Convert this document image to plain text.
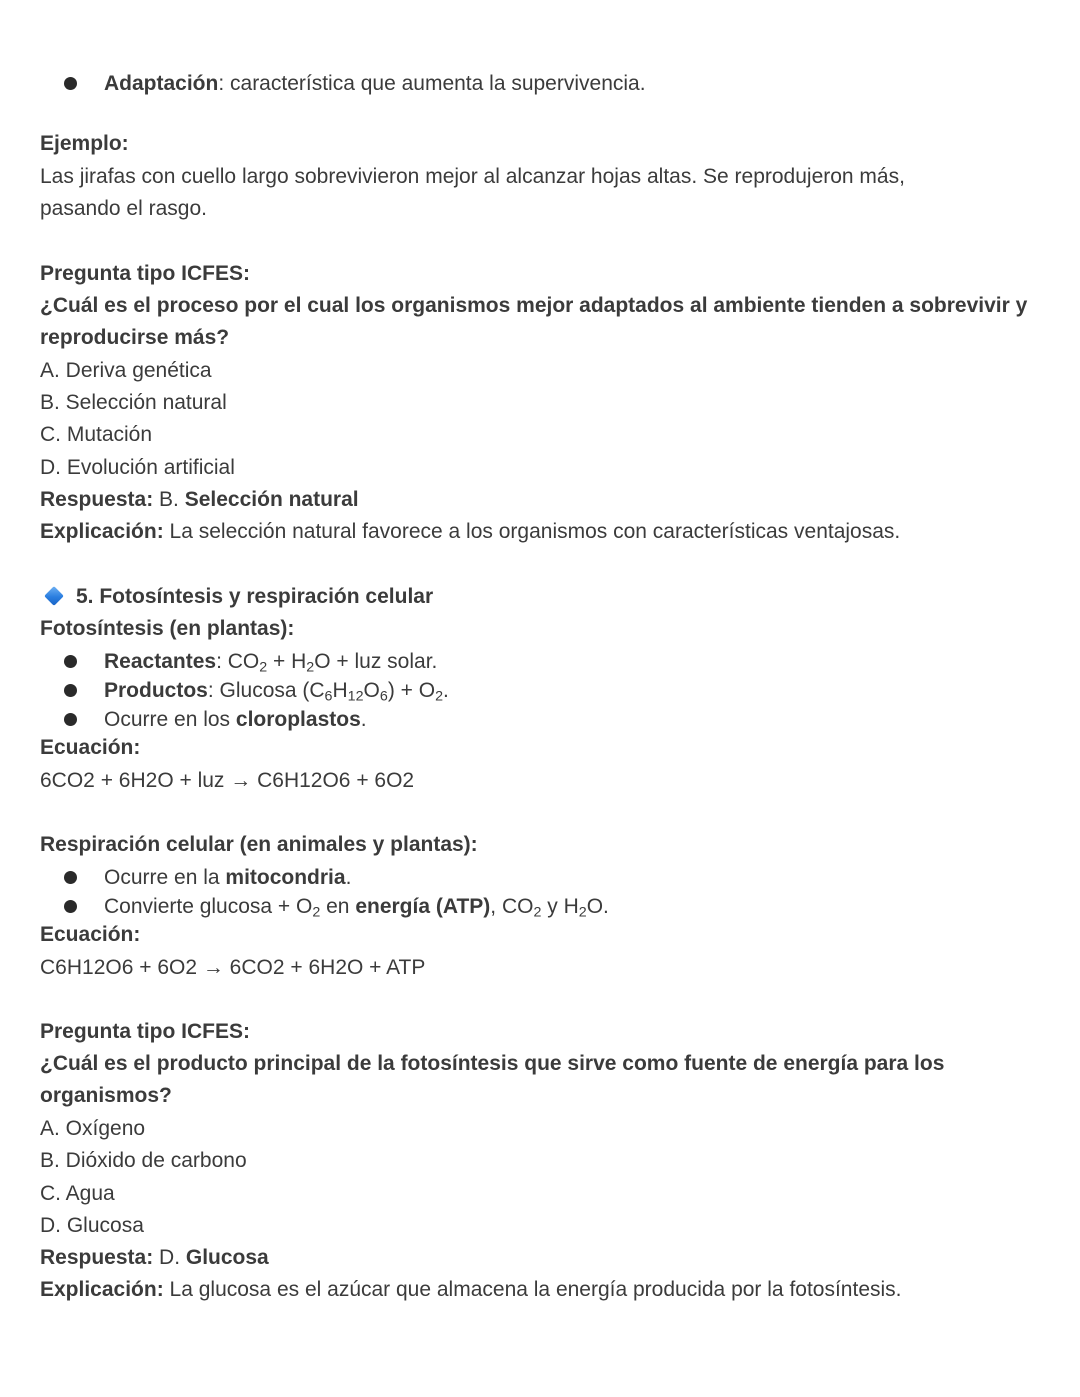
Adaptación: característica que aumenta la supervivencia.
Ejemplo:
Las jirafas con cuello largo sobrevivieron mejor al alcanzar hojas altas. Se reprodujeron más, pasando el rasgo.
Pregunta tipo ICFES:
¿Cuál es el proceso por el cual los organismos mejor adaptados al ambiente tienden a sobrevivir y reproducirse más?
A. Deriva genética
B. Selección natural
C. Mutación
D. Evolución artificial
Respuesta: B. Selección natural
Explicación: La selección natural favorece a los organismos con características ventajosas.
5. Fotosíntesis y respiración celular
Fotosíntesis (en plantas):
Reactantes: $CO_2 + H_2O$ + luz solar.
Productos: Glucosa $(C_6H_{12}O_6) + O_2$.
Ocurre en los cloroplastos.
Ecuación:
6CO2 + 6H2O + luz → C6H12O6 + 6O2
Respiración celular (en animales y plantas):
Ocurre en la mitocondria.
Convierte $glucosa + O_2$ en energía (ATP), $CO_2$ y $H_2O$.
Ecuación:
C6H12O6 + 6O2 → 6CO2 + 6H2O + ATP
Pregunta tipo ICFES:
¿Cuál es el producto principal de la fotosíntesis que sirve como fuente de energía para los organismos?
A. Oxígeno
B. Dióxido de carbono
C. Agua
D. Glucosa
Respuesta: D. Glucosa
Explicación: La glucosa es el azúcar que almacena la energía producida por la fotosíntesis.
